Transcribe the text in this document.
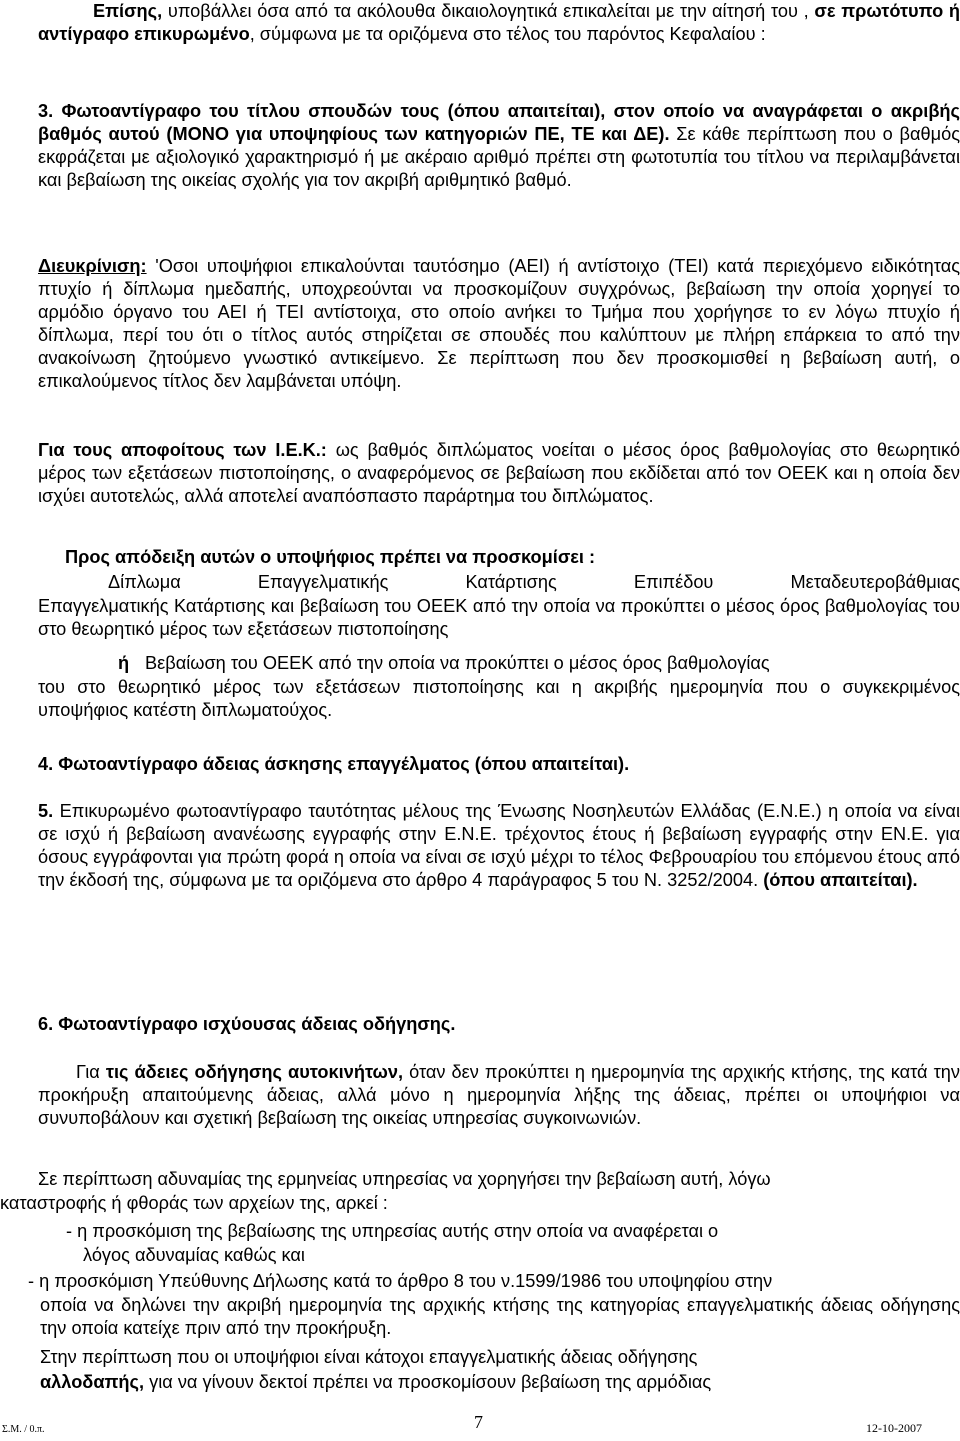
Επίσης, υποβάλλει όσα από τα ακόλουθα δικαιολογητικά επικαλείται με την αίτησή του , σε πρωτότυπο ή αντίγραφο επικυρωμένο, σύμφωνα με τα οριζόμενα στο τέλος του παρόντος Κεφαλαίου :

3. Φωτοαντίγραφο του τίτλου σπουδών τους (όπου απαιτείται), στον οποίο να αναγράφεται ο ακριβής βαθμός αυτού (ΜΟΝΟ για υποψηφίους των κατηγοριών ΠΕ, ΤΕ και ΔΕ). Σε κάθε περίπτωση που ο βαθμός εκφράζεται με αξιολογικό χαρακτηρισμό ή με ακέραιο αριθμό πρέπει στη φωτοτυπία του τίτλου να περιλαμβάνεται και βεβαίωση της οικείας σχολής για τον ακριβή αριθμητικό βαθμό.

Διευκρίνιση: 'Οσοι υποψήφιοι επικαλούνται ταυτόσημο (ΑΕΙ) ή αντίστοιχο (ΤΕΙ) κατά περιεχόμενο ειδικότητας πτυχίο ή δίπλωμα ημεδαπής, υποχρεούνται να προσκομίζουν συγχρόνως, βεβαίωση την οποία χορηγεί το αρμόδιο όργανο του ΑΕΙ ή ΤΕΙ αντίστοιχα, στο οποίο ανήκει το Τμήμα που χορήγησε το εν λόγω πτυχίο ή δίπλωμα, περί του ότι ο τίτλος αυτός στηρίζεται σε σπουδές που καλύπτουν με πλήρη επάρκεια το από την ανακοίνωση ζητούμενο γνωστικό αντικείμενο. Σε περίπτωση που δεν προσκομισθεί η βεβαίωση αυτή, ο επικαλούμενος τίτλος δεν λαμβάνεται υπόψη.

Για τους αποφοίτους των Ι.Ε.Κ.: ως βαθμός διπλώματος νοείται ο μέσος όρος βαθμολογίας στο θεωρητικό μέρος των εξετάσεων πιστοποίησης, ο αναφερόμενος σε βεβαίωση που εκδίδεται από τον ΟΕΕΚ και η οποία δεν ισχύει αυτοτελώς, αλλά αποτελεί αναπόσπαστο παράρτημα του διπλώματος.

Προς απόδειξη αυτών ο υποψήφιος πρέπει να προσκομίσει :

Δίπλωμα Επαγγελματικής Κατάρτισης Επιπέδου Μεταδευτεροβάθμιας

Επαγγελματικής Κατάρτισης και βεβαίωση του ΟΕΕΚ από την οποία να προκύπτει ο μέσος όρος βαθμολογίας του στο θεωρητικό μέρος των εξετάσεων πιστοποίησης

ή Βεβαίωση του ΟΕΕΚ από την οποία να προκύπτει ο μέσος όρος βαθμολογίας

του στο θεωρητικό μέρος των εξετάσεων πιστοποίησης και η ακριβής ημερομηνία που ο συγκεκριμένος υποψήφιος κατέστη διπλωματούχος.

4. Φωτοαντίγραφο άδειας άσκησης επαγγέλματος (όπου απαιτείται).

5. Επικυρωμένο φωτοαντίγραφο ταυτότητας μέλους της Ένωσης Νοσηλευτών Ελλάδας (Ε.Ν.Ε.) η οποία να είναι σε ισχύ ή βεβαίωση ανανέωσης εγγραφής στην Ε.Ν.Ε. τρέχοντος έτους ή βεβαίωση εγγραφής στην ΕΝ.Ε. για όσους εγγράφονται για πρώτη φορά η οποία να είναι σε ισχύ μέχρι το τέλος Φεβρουαρίου του επόμενου έτους από την έκδοσή της, σύμφωνα με τα οριζόμενα στο άρθρο 4 παράγραφος 5 του Ν. 3252/2004. (όπου απαιτείται).

6. Φωτοαντίγραφο ισχύουσας άδειας οδήγησης.

Για τις άδειες οδήγησης αυτοκινήτων, όταν δεν προκύπτει η ημερομηνία της αρχικής κτήσης, της κατά την προκήρυξη απαιτούμενης άδειας, αλλά μόνο η ημερομηνία λήξης της άδειας, πρέπει οι υποψήφιοι να συνυποβάλουν και σχετική βεβαίωση της οικείας υπηρεσίας συγκοινωνιών.

Σε περίπτωση αδυναμίας της ερμηνείας υπηρεσίας να χορηγήσει την βεβαίωση αυτή, λόγω

καταστροφής ή φθοράς των αρχείων της, αρκεί :

- η προσκόμιση της βεβαίωσης της υπηρεσίας αυτής στην οποία να αναφέρεται ο

λόγος αδυναμίας καθώς και

- η προσκόμιση Υπεύθυνης Δήλωσης κατά το άρθρο 8 του ν.1599/1986 του υποψηφίου στην

οποία να δηλώνει την ακριβή ημερομηνία της αρχικής κτήσης της κατηγορίας επαγγελματικής άδειας οδήγησης την οποία κατείχε πριν από την προκήρυξη.

Στην περίπτωση που οι υποψήφιοι είναι κάτοχοι επαγγελματικής άδειας οδήγησης

αλλοδαπής, για να γίνουν δεκτοί πρέπει να προσκομίσουν βεβαίωση της αρμόδιας

Σ.Μ. / 0.π.	7	12-10-2007
